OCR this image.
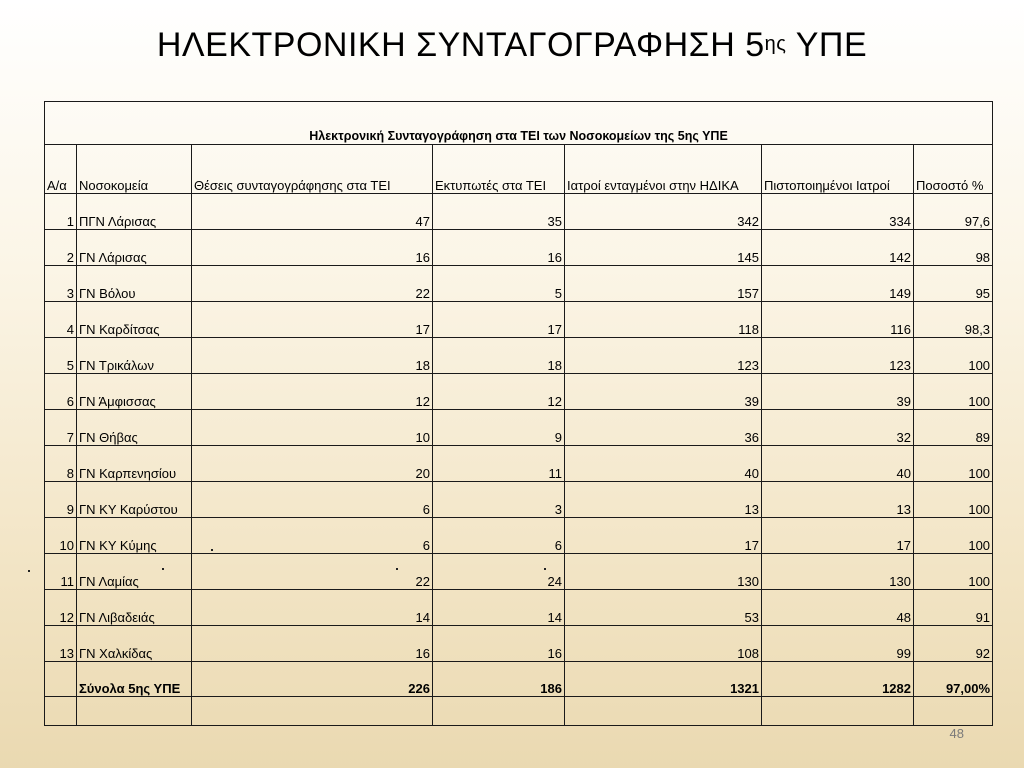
ΗΛΕΚΤΡΟΝΙΚΗ ΣΥΝΤΑΓΟΓΡΑΦΗΣΗ $5^{\eta\varsigma}$ ΥΠΕ
Ηλεκτρονική Συνταγογράφηση στα ΤΕΙ των Νοσοκομείων της 5ης ΥΠΕ						
Α/α	Νοσοκομεία	Θέσεις συνταγογράφησης στα ΤΕΙ	Εκτυπωτές στα ΤΕΙ	Ιατροί ενταγμένοι στην ΗΔΙΚΑ	Πιστοποιημένοι Ιατροί	Ποσοστό %
1	ΠΓΝ Λάρισας	47	35	342	334	97,6
2	ΓΝ Λάρισας	16	16	145	142	98
3	ΓΝ Βόλου	22	5	157	149	95
4	ΓΝ Καρδίτσας	17	17	118	116	98,3
5	ΓΝ Τρικάλων	18	18	123	123	100
6	ΓΝ Άμφισσας	12	12	39	39	100
7	ΓΝ Θήβας	10	9	36	32	89
8	ΓΝ Καρπενησίου	20	11	40	40	100
9	ΓΝ ΚΥ Καρύστου	6	3	13	13	100
10	ΓΝ ΚΥ Κύμης	6	6	17	17	100
11	ΓΝ Λαμίας	22	24	130	130	100
12	ΓΝ Λιβαδειάς	14	14	53	48	91
13	ΓΝ Χαλκίδας	16	16	108	99	92
	Σύνολα 5ης ΥΠΕ	226	186	1321	1282	97,00%

48
